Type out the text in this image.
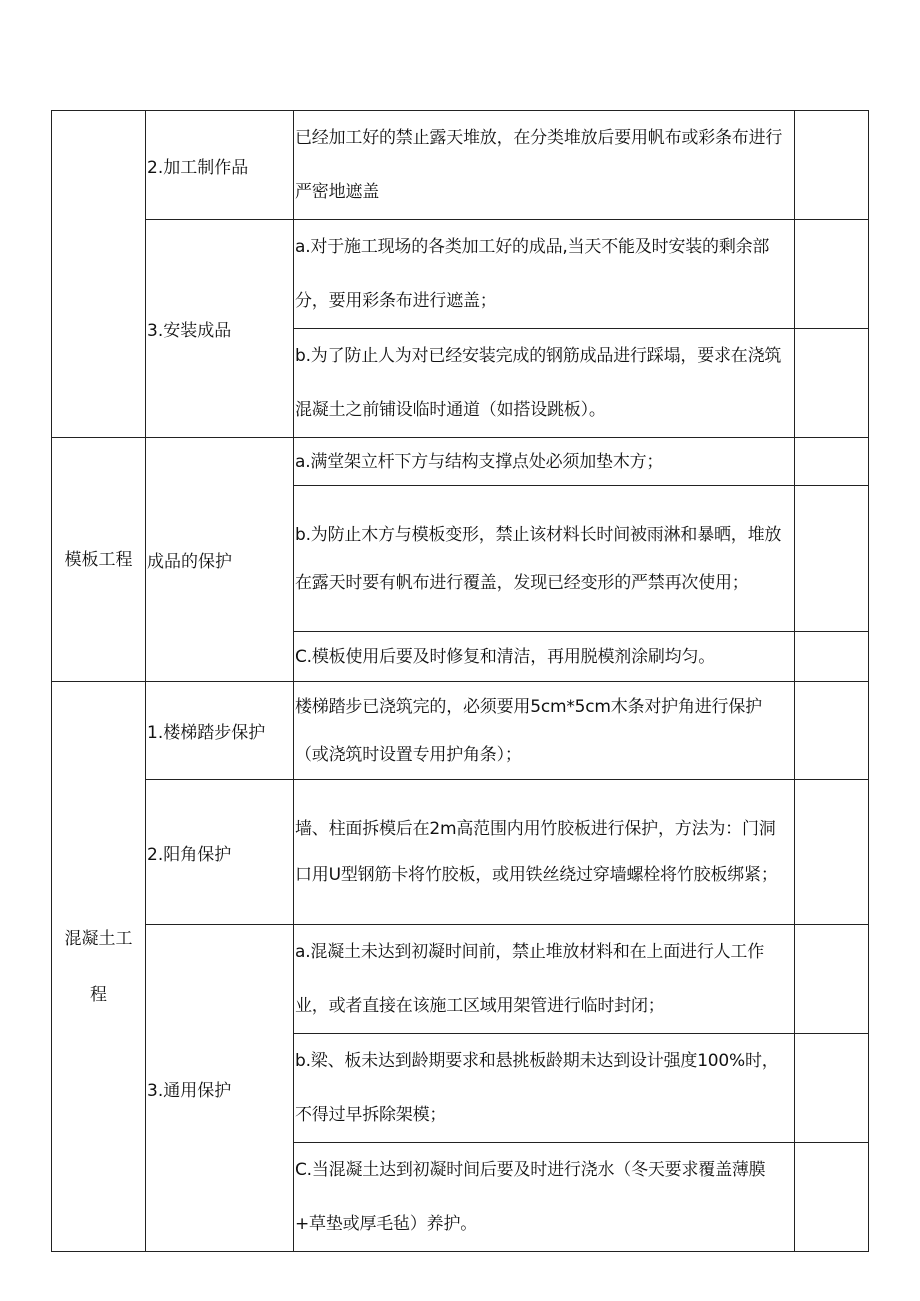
	2.加工制作品	已经加工好的禁止露天堆放，在分类堆放后要用帆布或彩条布进行严密地遮盖	

	3.安装成品	a.对于施工现场的各类加工好的成品,当天不能及时安装的剩余部分，要用彩条布进行遮盖；	

		b.为了防止人为对已经安装完成的钢筋成品进行踩塌，要求在浇筑混凝土之前铺设临时通道（如搭设跳板）。	

模板工程	成品的保护	a.满堂架立杆下方与结构支撑点处必须加垫木方；	

		b.为防止木方与模板变形，禁止该材料长时间被雨淋和暴晒，堆放在露天时要有帆布进行覆盖，发现已经变形的严禁再次使用；	

		C.模板使用后要及时修复和清洁，再用脱模剂涂刷均匀。	

混凝土工程	1.楼梯踏步保护	楼梯踏步已浇筑完的，必须要用5cm*5cm木条对护角进行保护（或浇筑时设置专用护角条）；	

	2.阳角保护	墙、柱面拆模后在2m高范围内用竹胶板进行保护，方法为：门洞口用U型钢筋卡将竹胶板，或用铁丝绕过穿墙螺栓将竹胶板绑紧；	

	3.通用保护	a.混凝土未达到初凝时间前，禁止堆放材料和在上面进行人工作业，或者直接在该施工区域用架管进行临时封闭；	

		b.梁、板未达到龄期要求和悬挑板龄期未达到设计强度100%时，不得过早拆除架模；	

		C.当混凝土达到初凝时间后要及时进行浇水（冬天要求覆盖薄膜+草垫或厚毛毡）养护。	
